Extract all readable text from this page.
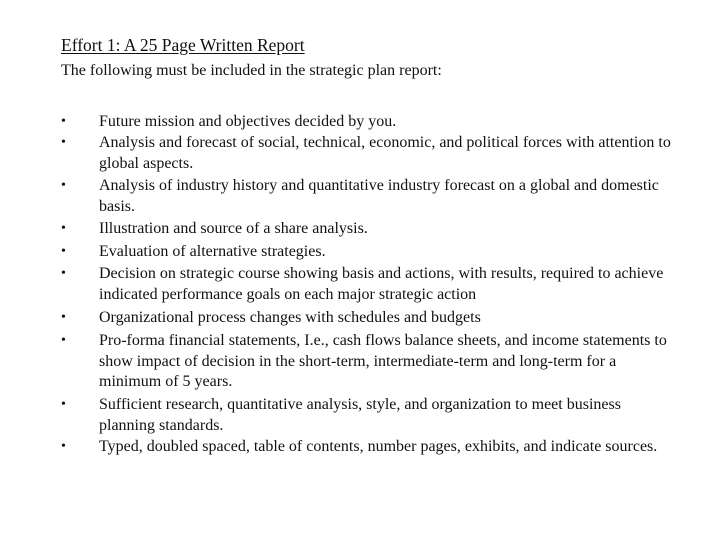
Effort 1: A 25 Page Written Report
The following must be included in the strategic plan report:
• Future mission and objectives decided by you.
• Analysis and forecast of social, technical, economic, and political forces with attention to global aspects.
• Analysis of industry history and quantitative industry forecast on a global and domestic basis.
• Illustration and source of a share analysis.
• Evaluation of alternative strategies.
• Decision on strategic course showing basis and actions, with results, required to achieve indicated performance goals on each major strategic action
• Organizational process changes with schedules and budgets
• Pro-forma financial statements, I.e., cash flows balance sheets, and income statements to show impact of decision in the short-term, intermediate-term and long-term for a minimum of 5 years.
• Sufficient research, quantitative analysis, style, and organization to meet business planning standards.
• Typed, doubled spaced, table of contents, number pages, exhibits, and indicate sources.
